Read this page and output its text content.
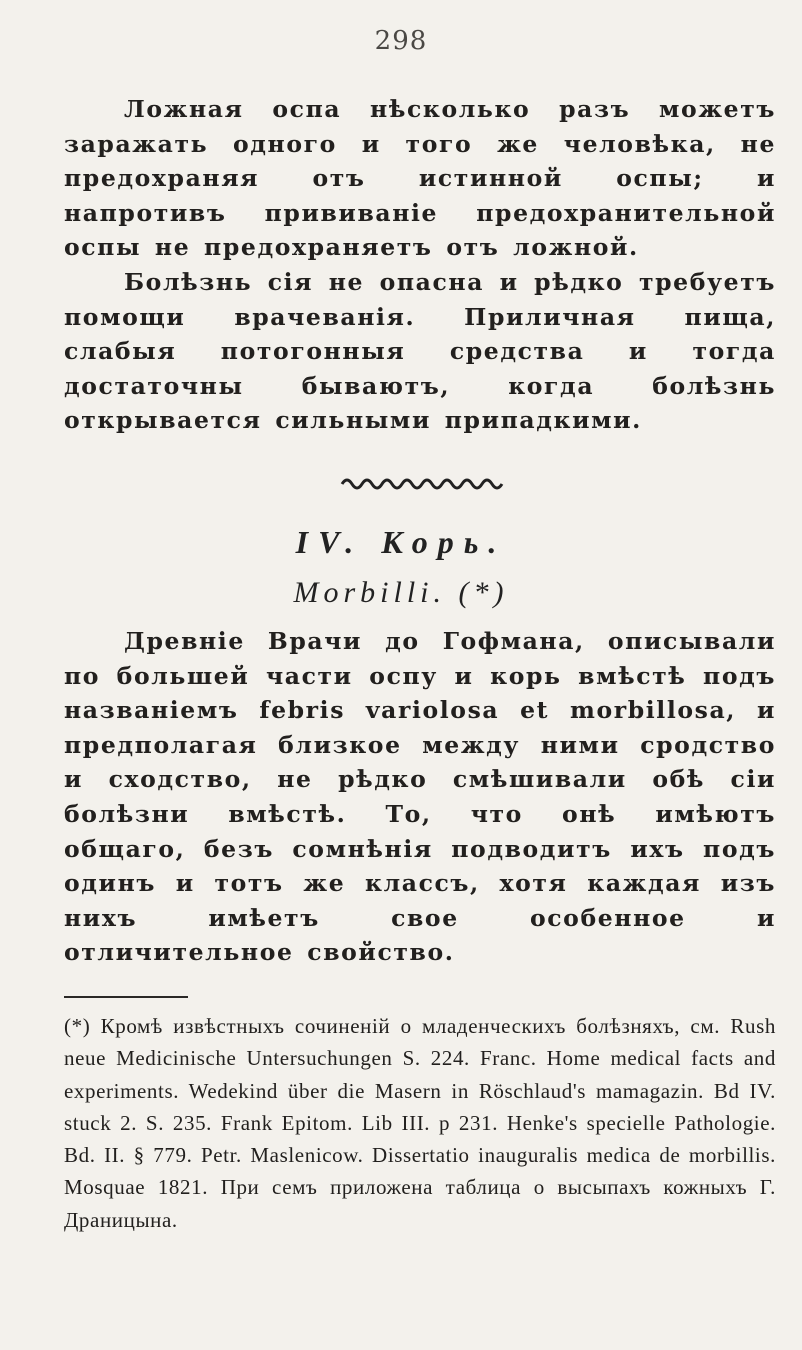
298

Ложная оспа нѣсколько разъ можетъ заражать одного и того же человѣка, не предохраняя отъ истинной оспы; и напротивъ прививанie предохранительной оспы не предохраняетъ отъ ложной.

Болѣзнь сія не опасна и рѣдко требуетъ помощи врачеванія. Приличная пища, слабыя потогонныя средства и тогда достаточны бываютъ, когда болѣзнь открывается сильными припадкими.

IV. Корь.
Morbilli. (*)

Древніе Врачи до Гофмана, описывали по большей части оспу и корь вмѣстѣ подъ названіемъ febris variolosa et morbillosa, и предполагая близкое между ними сродство и сходство, не рѣдко смѣшивали обѣ сіи болѣзни вмѣстѣ. То, что онѣ имѣютъ общаго, безъ сомнѣнія подводитъ ихъ подъ одинъ и тотъ же классъ, хотя каждая изъ нихъ имѣетъ свое особенное и отличительное свойство.

(*) Кромѣ извѣстныхъ сочиненій о младенческихъ болѣзняхъ, см. Rush neue Medicinische Untersuchungen S. 224. Franc. Home medical facts and experiments. Wedekind über die Masern in Röschlaud's mamagazin. Bd IV. stuck 2. S. 235. Frank Epitom. Lib III. p 231. Henke's specielle Pathologie. Bd. II. § 779. Petr. Maslenicow. Dissertatio inauguralis medica de morbillis. Mosquae 1821. При семъ приложена таблица о высыпахъ кожныхъ Г. Драницына.
